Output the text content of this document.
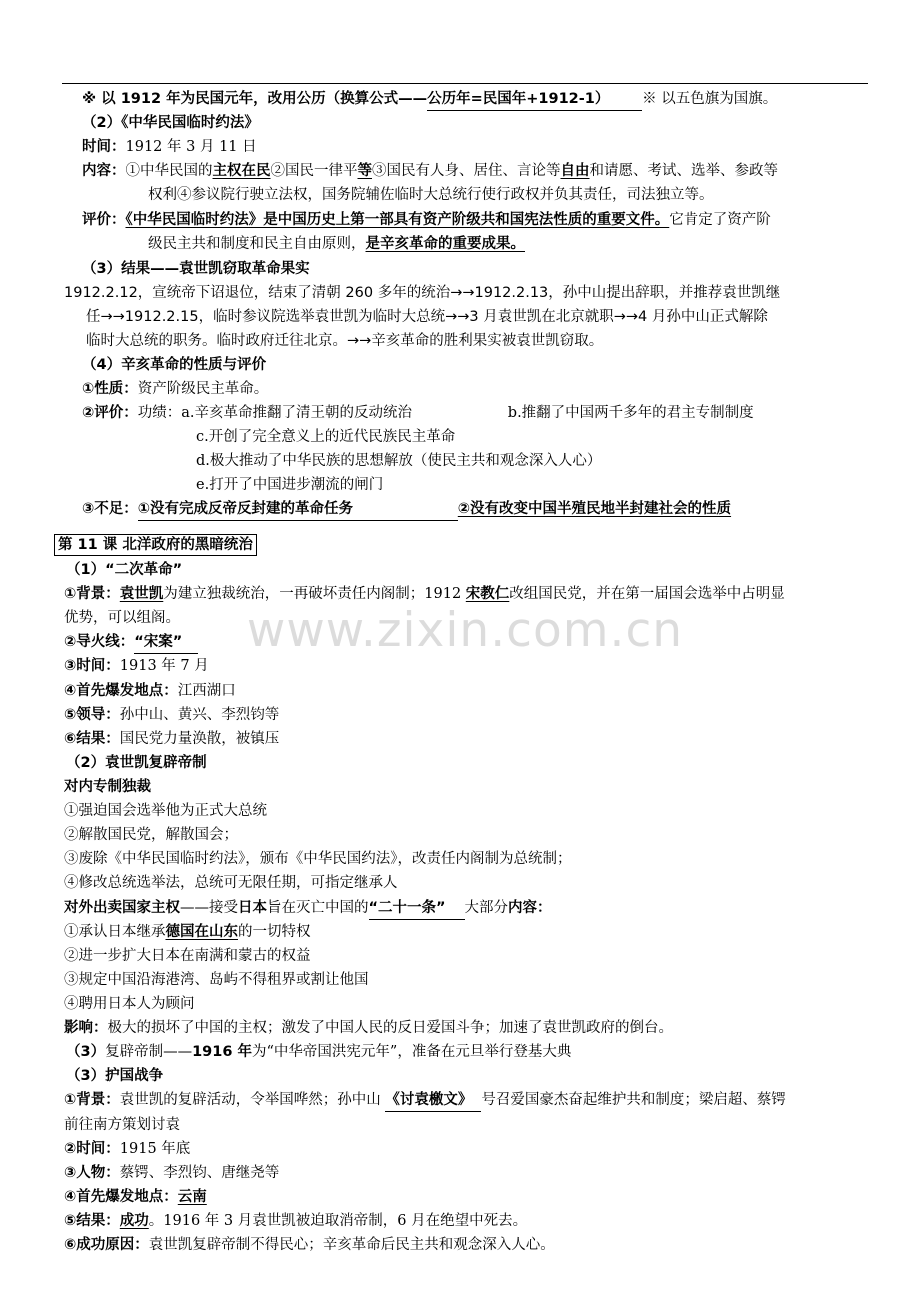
※ 以 1912 年为民国元年，改用公历（换算公式——公历年=民国年+1912-1） ※ 以五色旗为国旗。
（2）《中华民国临时约法》
时间：1912 年 3 月 11 日
内容：①中华民国的主权在民②国民一律平等③国民有人身、居住、言论等自由和请愿、考试、选举、参政等
权利④参议院行驶立法权，国务院辅佐临时大总统行使行政权并负其责任，司法独立等。
评价：《中华民国临时约法》是中国历史上第一部具有资产阶级共和国宪法性质的重要文件。它肯定了资产阶
级民主共和制度和民主自由原则，是辛亥革命的重要成果。
（3）结果——袁世凯窃取革命果实
1912.2.12，宣统帝下诏退位，结束了清朝 260 多年的统治→→1912.2.13，孙中山提出辞职，并推荐袁世凯继
任→→1912.2.15，临时参议院选举袁世凯为临时大总统→→3 月袁世凯在北京就职→→4 月孙中山正式解除
临时大总统的职务。临时政府迁往北京。→→辛亥革命的胜利果实被袁世凯窃取。
（4）辛亥革命的性质与评价
①性质：资产阶级民主革命。
②评价：功绩：a.辛亥革命推翻了清王朝的反动统治	b.推翻了中国两千多年的君主专制制度
c.开创了完全意义上的近代民族民主革命
d.极大推动了中华民族的思想解放（使民主共和观念深入人心）
e.打开了中国进步潮流的闸门
③不足：①没有完成反帝反封建的革命任务	②没有改变中国半殖民地半封建社会的性质
第 11 课 北洋政府的黑暗统治
（1）“二次革命”
①背景：袁世凯为建立独裁统治，一再破坏责任内阁制；1912 宋教仁改组国民党，并在第一届国会选举中占明显
优势，可以组阁。
②导火线：“宋案”
③时间：1913 年 7 月
④首先爆发地点：江西湖口
⑤领导：孙中山、黄兴、李烈钧等
⑥结果：国民党力量涣散，被镇压
（2）袁世凯复辟帝制
对内专制独裁
①强迫国会选举他为正式大总统
②解散国民党，解散国会；
③废除《中华民国临时约法》，颁布《中华民国约法》，改责任内阁制为总统制；
④修改总统选举法，总统可无限任期，可指定继承人
对外出卖国家主权——接受日本旨在灭亡中国的“二十一条” 大部分内容：
①承认日本继承德国在山东的一切特权
②进一步扩大日本在南满和蒙古的权益
③规定中国沿海港湾、岛屿不得租界或割让他国
④聘用日本人为顾问
影响：极大的损坏了中国的主权；激发了中国人民的反日爱国斗争；加速了袁世凯政府的倒台。
（3）复辟帝制——1916 年为“中华帝国洪宪元年”，准备在元旦举行登基大典
（3）护国战争
①背景：袁世凯的复辟活动，令举国哗然；孙中山 《讨袁檄文》 号召爱国豪杰奋起维护共和制度；梁启超、蔡锷
前往南方策划讨袁
②时间：1915 年底
③人物：蔡锷、李烈钧、唐继尧等
④首先爆发地点：云南
⑤结果：成功。1916 年 3 月袁世凯被迫取消帝制，6 月在绝望中死去。
⑥成功原因：袁世凯复辟帝制不得民心；辛亥革命后民主共和观念深入人心。
www.zixin.com.cn
